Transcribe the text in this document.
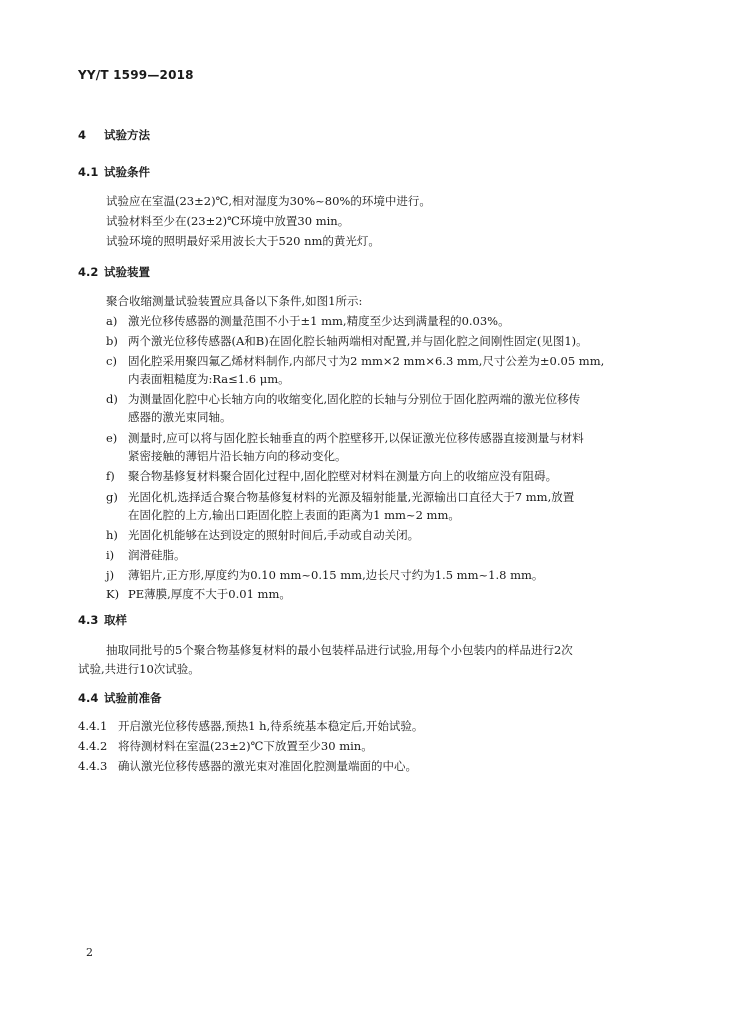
YY/T 1599—2018
4 试验方法
4.1 试验条件
试验应在室温(23±2)℃,相对湿度为30%~80%的环境中进行。
试验材料至少在(23±2)℃环境中放置30 min。
试验环境的照明最好采用波长大于520 nm的黄光灯。
4.2 试验装置
聚合收缩测量试验装置应具备以下条件,如图1所示:
a) 激光位移传感器的测量范围不小于±1 mm,精度至少达到满量程的0.03%。
b) 两个激光位移传感器(A和B)在固化腔长轴两端相对配置,并与固化腔之间刚性固定(见图1)。
c) 固化腔采用聚四氟乙烯材料制作,内部尺寸为2 mm×2 mm×6.3 mm,尺寸公差为±0.05 mm,
内表面粗糙度为:Ra≤1.6 μm。
d) 为测量固化腔中心长轴方向的收缩变化,固化腔的长轴与分别位于固化腔两端的激光位移传
感器的激光束同轴。
e) 测量时,应可以将与固化腔长轴垂直的两个腔壁移开,以保证激光位移传感器直接测量与材料
紧密接触的薄铝片沿长轴方向的移动变化。
f) 聚合物基修复材料聚合固化过程中,固化腔壁对材料在测量方向上的收缩应没有阻碍。
g) 光固化机,选择适合聚合物基修复材料的光源及辐射能量,光源输出口直径大于7 mm,放置
在固化腔的上方,输出口距固化腔上表面的距离为1 mm~2 mm。
h) 光固化机能够在达到设定的照射时间后,手动或自动关闭。
i) 润滑硅脂。
j) 薄铝片,正方形,厚度约为0.10 mm~0.15 mm,边长尺寸约为1.5 mm~1.8 mm。
K) PE薄膜,厚度不大于0.01 mm。
4.3 取样
抽取同批号的5个聚合物基修复材料的最小包装样品进行试验,用每个小包装内的样品进行2次
试验,共进行10次试验。
4.4 试验前准备
4.4.1 开启激光位移传感器,预热1 h,待系统基本稳定后,开始试验。
4.4.2 将待测材料在室温(23±2)℃下放置至少30 min。
4.4.3 确认激光位移传感器的激光束对准固化腔测量端面的中心。
2
